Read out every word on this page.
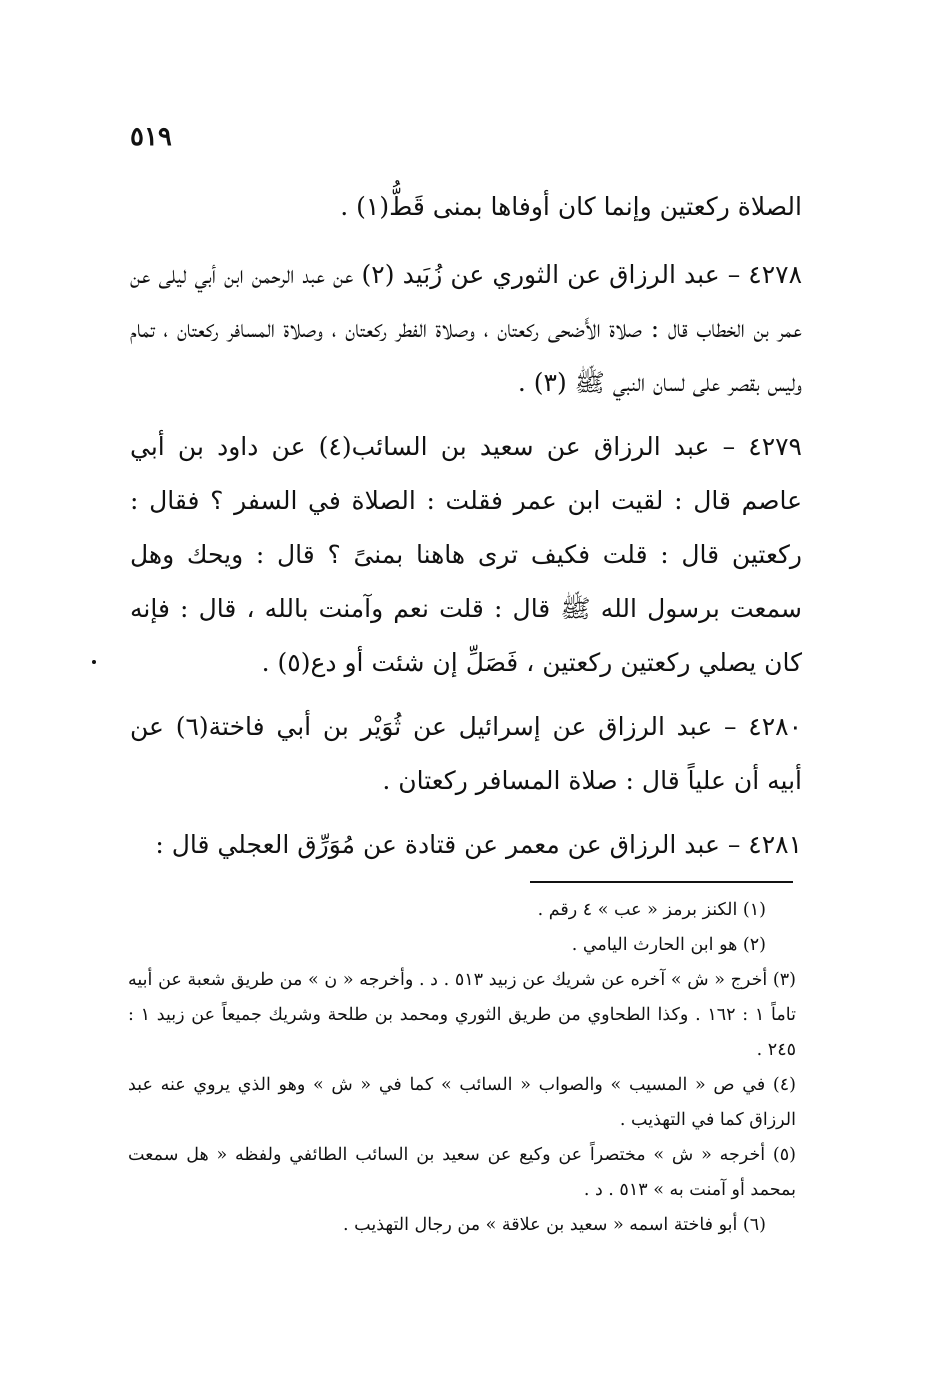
٥١٩

الصلاة ركعتين وإنما كان أوفاها بمنى قَطُّ(١) .

٤٢٧٨ – عبد الرزاق عن الثوري عن زُبَيد (٢) عن عبد الرحمن ابن أبي ليلى عن عمر بن الخطاب قال : صلاة الأَضحى ركعتان ، وصلاة الفطر ركعتان ، وصلاة المسافر ركعتان ، تمام وليس بقصر على لسان النبي ﷺ (٣) .

٤٢٧٩ – عبد الرزاق عن سعيد بن السائب(٤) عن داود بن أبي عاصم قال : لقيت ابن عمر فقلت : الصلاة في السفر ؟ فقال : ركعتين قال : قلت فكيف ترى هاهنا بمنىً ؟ قال : ويحك وهل سمعت برسول الله ﷺ قال : قلت نعم وآمنت بالله ، قال : فإنه كان يصلي ركعتين ركعتين ، فَصَلِّ إن شئت أو دع(٥) .

٤٢٨٠ – عبد الرزاق عن إسرائيل عن ثُوَيْر بن أبي فاختة(٦) عن أبيه أن علياً قال : صلاة المسافر ركعتان .

٤٢٨١ – عبد الرزاق عن معمر عن قتادة عن مُوَرِّق العجلي قال :

(١) الكنز برمز « عب » ٤ رقم .

(٢) هو ابن الحارث اليامي .

(٣) أخرج « ش » آخره عن شريك عن زبيد ٥١٣ . د . وأخرجه « ن » من طريق شعبة عن أبيه تاماً ١ : ١٦٢ . وكذا الطحاوي من طريق الثوري ومحمد بن طلحة وشريك جميعاً عن زبيد ١ : ٢٤٥ .

(٤) في ص « المسيب » والصواب « السائب » كما في « ش » وهو الذي يروي عنه عبد الرزاق كما في التهذيب .

(٥) أخرجه « ش » مختصراً عن وكيع عن سعيد بن السائب الطائفي ولفظه « هل سمعت بمحمد أو آمنت به » ٥١٣ . د .

(٦) أبو فاختة اسمه « سعيد بن علاقة » من رجال التهذيب .
